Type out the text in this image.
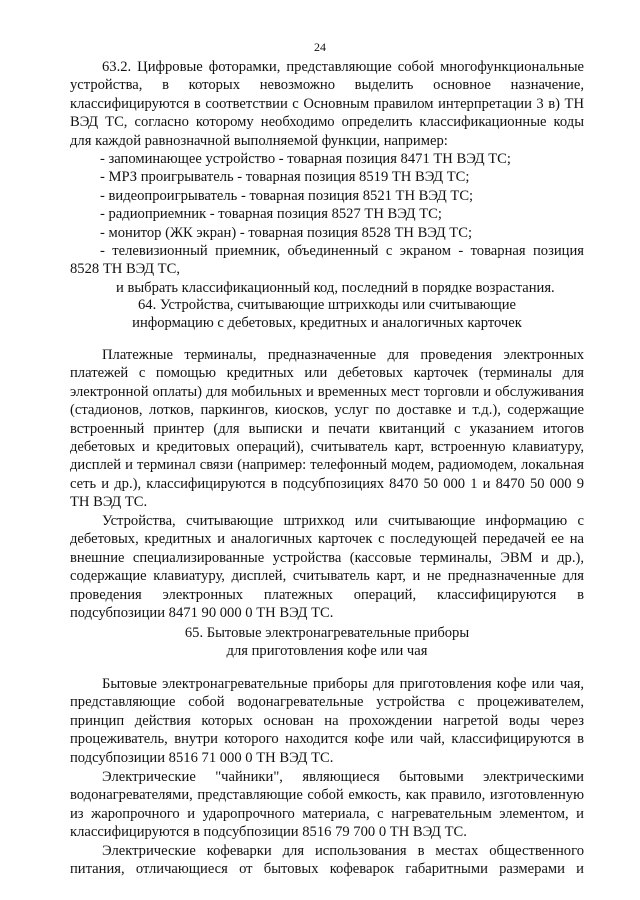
24
63.2. Цифровые фоторамки, представляющие собой многофункциональные
устройства, в которых невозможно выделить основное назначение,
классифицируются в соответствии с Основным правилом интерпретации 3 в) ТН
ВЭД ТС, согласно которому необходимо определить классификационные коды
для каждой равнозначной выполняемой функции, например:
- запоминающее устройство - товарная позиция 8471 ТН ВЭД ТС;
- МРЗ проигрыватель - товарная позиция 8519 ТН ВЭД ТС;
- видеопроигрыватель - товарная позиция 8521 ТН ВЭД ТС;
- радиоприемник - товарная позиция 8527 ТН ВЭД ТС;
- монитор (ЖК экран) - товарная позиция 8528 ТН ВЭД ТС;
- телевизионный приемник, объединенный с экраном - товарная позиция
8528 ТН ВЭД ТС,
и выбрать классификационный код, последний в порядке возрастания.
64. Устройства, считывающие штрихкоды или считывающие
информацию с дебетовых, кредитных и аналогичных карточек
Платежные терминалы, предназначенные для проведения электронных
платежей с помощью кредитных или дебетовых карточек (терминалы для
электронной оплаты) для мобильных и временных мест торговли и обслуживания
(стадионов, лотков, паркингов, киосков, услуг по доставке и т.д.), содержащие
встроенный принтер (для выписки и печати квитанций с указанием итогов
дебетовых и кредитовых операций), считыватель карт, встроенную клавиатуру,
дисплей и терминал связи (например: телефонный модем, радиомодем, локальная
сеть и др.), классифицируются в подсубпозициях 8470 50 000 1 и 8470 50 000 9
ТН ВЭД ТС.
Устройства, считывающие штрихкод или считывающие информацию с
дебетовых, кредитных и аналогичных карточек с последующей передачей ее на
внешние специализированные устройства (кассовые терминалы, ЭВМ и др.),
содержащие клавиатуру, дисплей, считыватель карт, и не предназначенные для
проведения электронных платежных операций, классифицируются в
подсубпозиции 8471 90 000 0 ТН ВЭД ТС.
65. Бытовые электронагревательные приборы
для приготовления кофе или чая
Бытовые электронагревательные приборы для приготовления кофе или чая,
представляющие собой водонагревательные устройства с процеживателем,
принцип действия которых основан на прохождении нагретой воды через
процеживатель, внутри которого находится кофе или чай, классифицируются в
подсубпозиции 8516 71 000 0 ТН ВЭД ТС.
Электрические "чайники", являющиеся бытовыми электрическими
водонагревателями, представляющие собой емкость, как правило, изготовленную
из жаропрочного и ударопрочного материала, с нагревательным элементом, и
классифицируются в подсубпозиции 8516 79 700 0 ТН ВЭД ТС.
Электрические кофеварки для использования в местах общественного
питания, отличающиеся от бытовых кофеварок габаритными размерами и
